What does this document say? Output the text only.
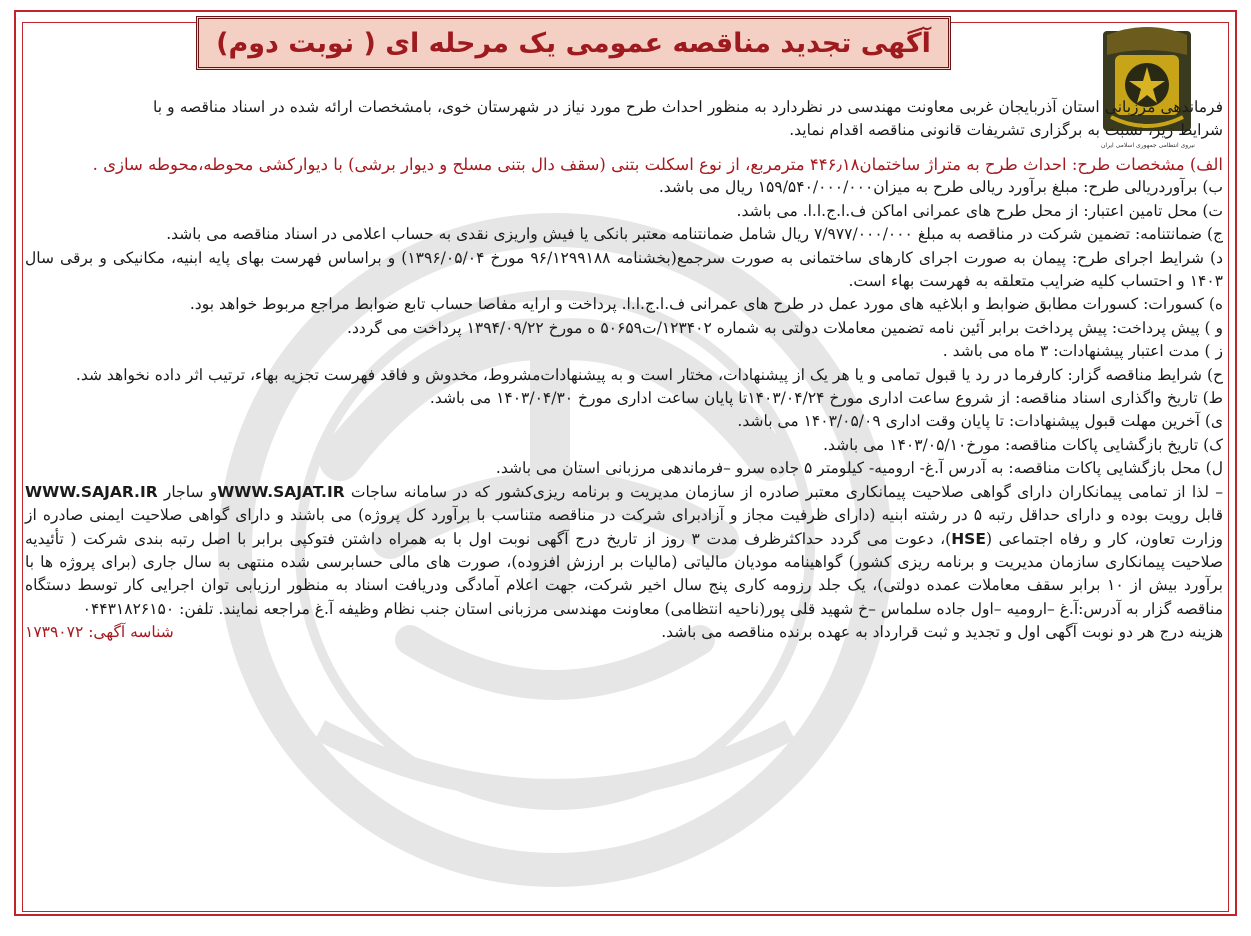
نیروی انتظامی جمهوری اسلامی ایران
آگهی تجدید مناقصه عمومی یک مرحله ای ( نوبت دوم)
فرماندهی مرزبانی استان آذربایجان غربی معاونت مهندسی در نظردارد به منظور احداث طرح مورد نیاز در شهرستان خوی، بامشخصات ارائه شده در اسناد مناقصه و با شرایط زیر، نسبت به برگزاری تشریفات قانونی مناقصه اقدام نماید.

الف) مشخصات طرح: احداث طرح به متراژ ساختمان۴۴۶٫۱۸ مترمربع، از نوع اسکلت بتنی (سقف دال بتنی مسلح و دیوار برشی) با دیوارکشی محوطه،محوطه سازی .

ب) برآوردریالی طرح: مبلغ برآورد ریالی طرح به میزان۱۵۹/۵۴۰/۰۰۰/۰۰۰ ریال می باشد.

ت) محل تامین اعتبار: از محل طرح های عمرانی اماکن ف.ا.ج.ا.ا. می باشد.

ج) ضمانتنامه: تضمین شرکت در مناقصه به مبلغ ۷/۹۷۷/۰۰۰/۰۰۰ ریال شامل ضمانتنامه معتبر بانکی یا فیش واریزی نقدی به حساب اعلامی در اسناد مناقصه می باشد.

د) شرایط اجرای طرح: پیمان به صورت اجرای کارهای ساختمانی به صورت سرجمع(بخشنامه ۹۶/۱۲۹۹۱۸۸ مورخ ۱۳۹۶/۰۵/۰۴) و براساس فهرست بهای پایه ابنیه، مکانیکی و برقی سال ۱۴۰۳ و احتساب کلیه ضرایب متعلقه به فهرست بهاء است.

ه) کسورات: کسورات مطابق ضوابط و ابلاغیه های مورد عمل در طرح های عمرانی ف.ا.ج.ا.ا. پرداخت و ارایه مفاصا حساب تابع ضوابط مراجع مربوط خواهد بود.

و ) پیش پرداخت: پیش پرداخت برابر آئین نامه تضمین معاملات دولتی به شماره ۱۲۳۴۰۲/ت۵۰۶۵۹ ه مورخ ۱۳۹۴/۰۹/۲۲ پرداخت می گردد.

ز ) مدت اعتبار پیشنهادات: ۳ ماه می باشد .

ح) شرایط مناقصه گزار: کارفرما در رد یا قبول تمامی و یا هر یک از پیشنهادات، مختار است و به پیشنهادات‌مشروط، مخدوش و فاقد فهرست تجزیه بهاء، ترتیب اثر داده نخواهد شد.

ط) تاریخ واگذاری اسناد مناقصه: از شروع ساعت اداری مورخ ۱۴۰۳/۰۴/۲۴تا پایان ساعت اداری مورخ ۱۴۰۳/۰۴/۳۰ می باشد.

ی) آخرین مهلت قبول پیشنهادات: تا پایان وقت اداری ۱۴۰۳/۰۵/۰۹ می باشد.

ک) تاریخ بازگشایی پاکات مناقصه: مورخ۱۴۰۳/۰۵/۱۰ می باشد.

ل) محل بازگشایی پاکات مناقصه: به آدرس آ.غ- ارومیه- کیلومتر ۵ جاده سرو –فرماندهی مرزبانی استان می باشد.

– لذا از تمامی پیمانکاران دارای گواهی صلاحیت پیمانکاری معتبر صادره از سازمان مدیریت و برنامه ریزی‌کشور که در سامانه ساجات WWW.SAJAT.IRو ساجار WWW.SAJAR.IR قابل رویت بوده و دارای حداقل رتبه ۵ در رشته ابنیه (دارای ظرفیت مجاز و آزادبرای شرکت در مناقصه متناسب با برآورد کل پروژه) می باشند و دارای گواهی صلاحیت ایمنی صادره از وزارت تعاون، کار و رفاه اجتماعی (HSE)، دعوت می گردد حداکثرظرف مدت ۳ روز از تاریخ درج آگهی نوبت اول با به همراه داشتن فتوکپی برابر با اصل رتبه بندی شرکت ( تأئیدیه صلاحیت پیمانکاری سازمان مدیریت و برنامه ریزی کشور) گواهینامه مودیان مالیاتی (مالیات بر ارزش افزوده)، صورت های مالی حسابرسی شده منتهی به سال جاری (برای پروژه ها با برآورد بیش از ۱۰ برابر سقف معاملات عمده دولتی)، یک جلد رزومه کاری پنج سال اخیر شرکت، جهت اعلام آمادگی ودریافت اسناد به منظور ارزیابی توان اجرایی کار توسط دستگاه مناقصه گزار به آدرس:آ.غ –ارومیه –اول جاده سلماس –خ شهید قلی پور(ناحیه انتظامی) معاونت مهندسی مرزبانی استان جنب نظام وظیفه آ.غ مراجعه نمایند. تلفن: ۰۴۴۳۱۸۲۶۱۵۰

هزینه درج هر دو نوبت آگهی اول و تجدید و ثبت قرارداد به عهده برنده مناقصه می باشد.
شناسه آگهی: ۱۷۳۹۰۷۲
